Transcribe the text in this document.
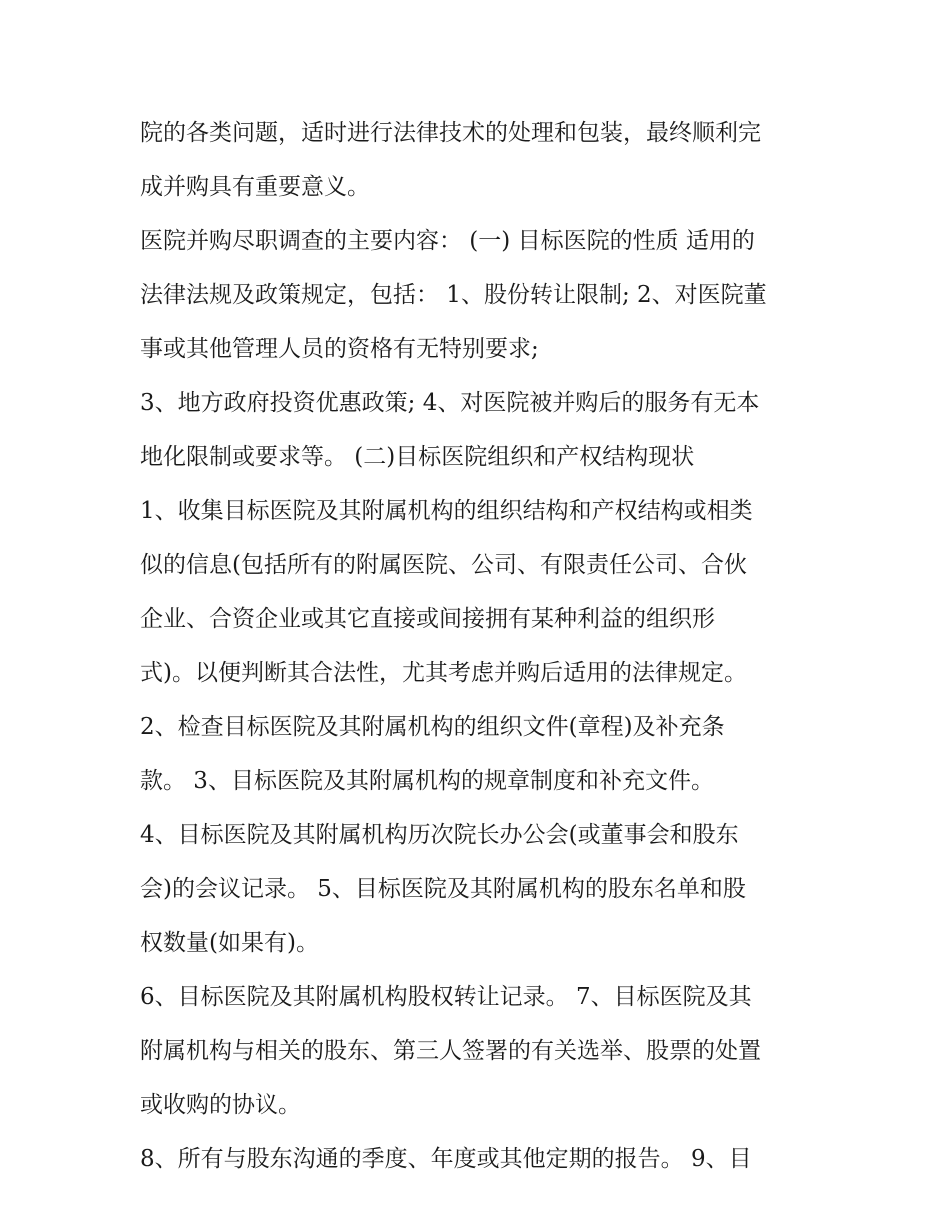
院的各类问题，适时进行法律技术的处理和包装，最终顺利完
成并购具有重要意义。
医院并购尽职调查的主要内容： (一) 目标医院的性质 适用的
法律法规及政策规定，包括： 1、股份转让限制; 2、对医院董
事或其他管理人员的资格有无特别要求;
3、地方政府投资优惠政策; 4、对医院被并购后的服务有无本
地化限制或要求等。 (二)目标医院组织和产权结构现状
1、收集目标医院及其附属机构的组织结构和产权结构或相类
似的信息(包括所有的附属医院、公司、有限责任公司、合伙
企业、合资企业或其它直接或间接拥有某种利益的组织形
式)。以便判断其合法性，尤其考虑并购后适用的法律规定。
2、检查目标医院及其附属机构的组织文件(章程)及补充条
款。 3、目标医院及其附属机构的规章制度和补充文件。
4、目标医院及其附属机构历次院长办公会(或董事会和股东
会)的会议记录。 5、目标医院及其附属机构的股东名单和股
权数量(如果有)。
6、目标医院及其附属机构股权转让记录。 7、目标医院及其
附属机构与相关的股东、第三人签署的有关选举、股票的处置
或收购的协议。
8、所有与股东沟通的季度、年度或其他定期的报告。 9、目
